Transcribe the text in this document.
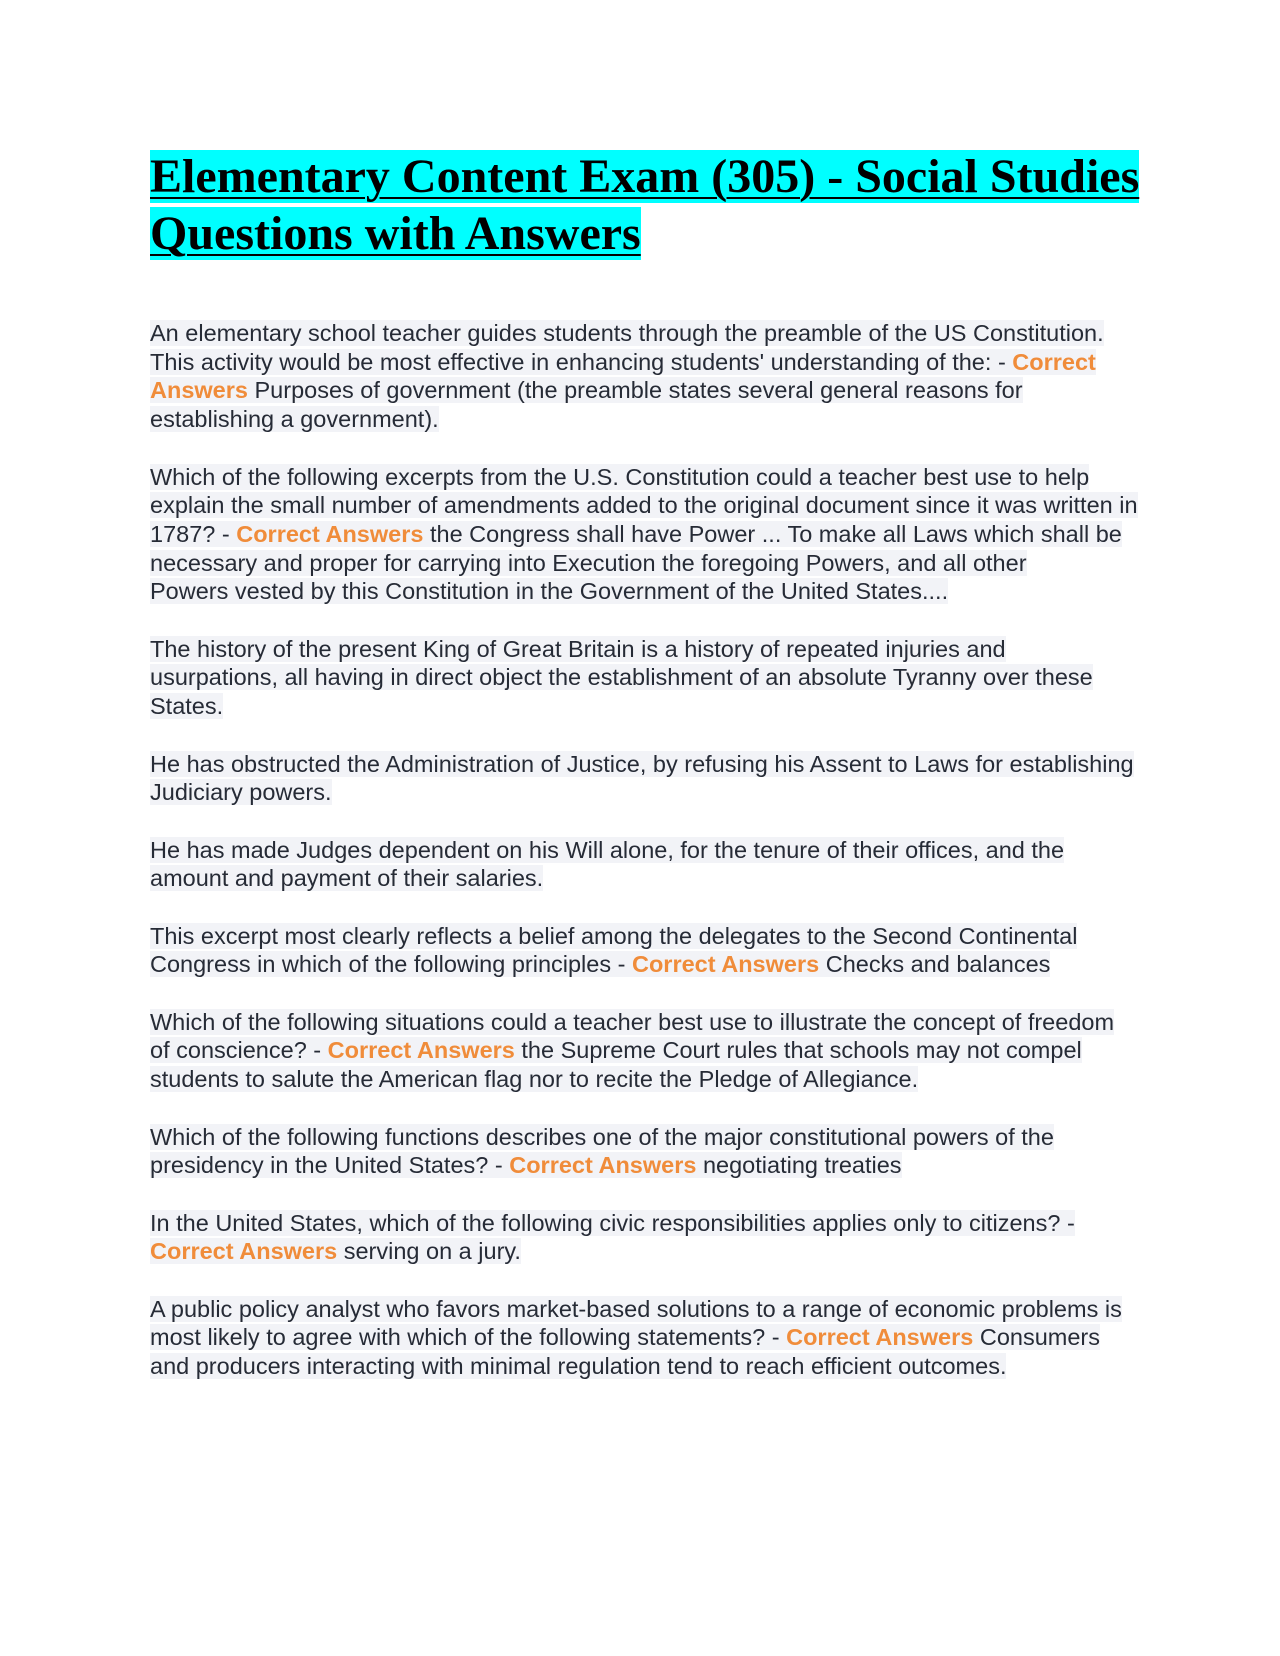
Elementary Content Exam (305) - Social Studies Questions with Answers

An elementary school teacher guides students through the preamble of the US Constitution. This activity would be most effective in enhancing students' understanding of the: - Correct Answers Purposes of government (the preamble states several general reasons for establishing a government).

Which of the following excerpts from the U.S. Constitution could a teacher best use to help explain the small number of amendments added to the original document since it was written in 1787? - Correct Answers the Congress shall have Power ... To make all Laws which shall be necessary and proper for carrying into Execution the foregoing Powers, and all other
Powers vested by this Constitution in the Government of the United States....

The history of the present King of Great Britain is a history of repeated injuries and usurpations, all having in direct object the establishment of an absolute Tyranny over these States.

He has obstructed the Administration of Justice, by refusing his Assent to Laws for establishing Judiciary powers.

He has made Judges dependent on his Will alone, for the tenure of their offices, and the amount and payment of their salaries.

This excerpt most clearly reflects a belief among the delegates to the Second Continental Congress in which of the following principles - Correct Answers Checks and balances

Which of the following situations could a teacher best use to illustrate the concept of freedom of conscience? - Correct Answers the Supreme Court rules that schools may not compel students to salute the American flag nor to recite the Pledge of Allegiance.

Which of the following functions describes one of the major constitutional powers of the presidency in the United States? - Correct Answers negotiating treaties

In the United States, which of the following civic responsibilities applies only to citizens? - Correct Answers serving on a jury.

A public policy analyst who favors market-based solutions to a range of economic problems is most likely to agree with which of the following statements? - Correct Answers Consumers and producers interacting with minimal regulation tend to reach efficient outcomes.
